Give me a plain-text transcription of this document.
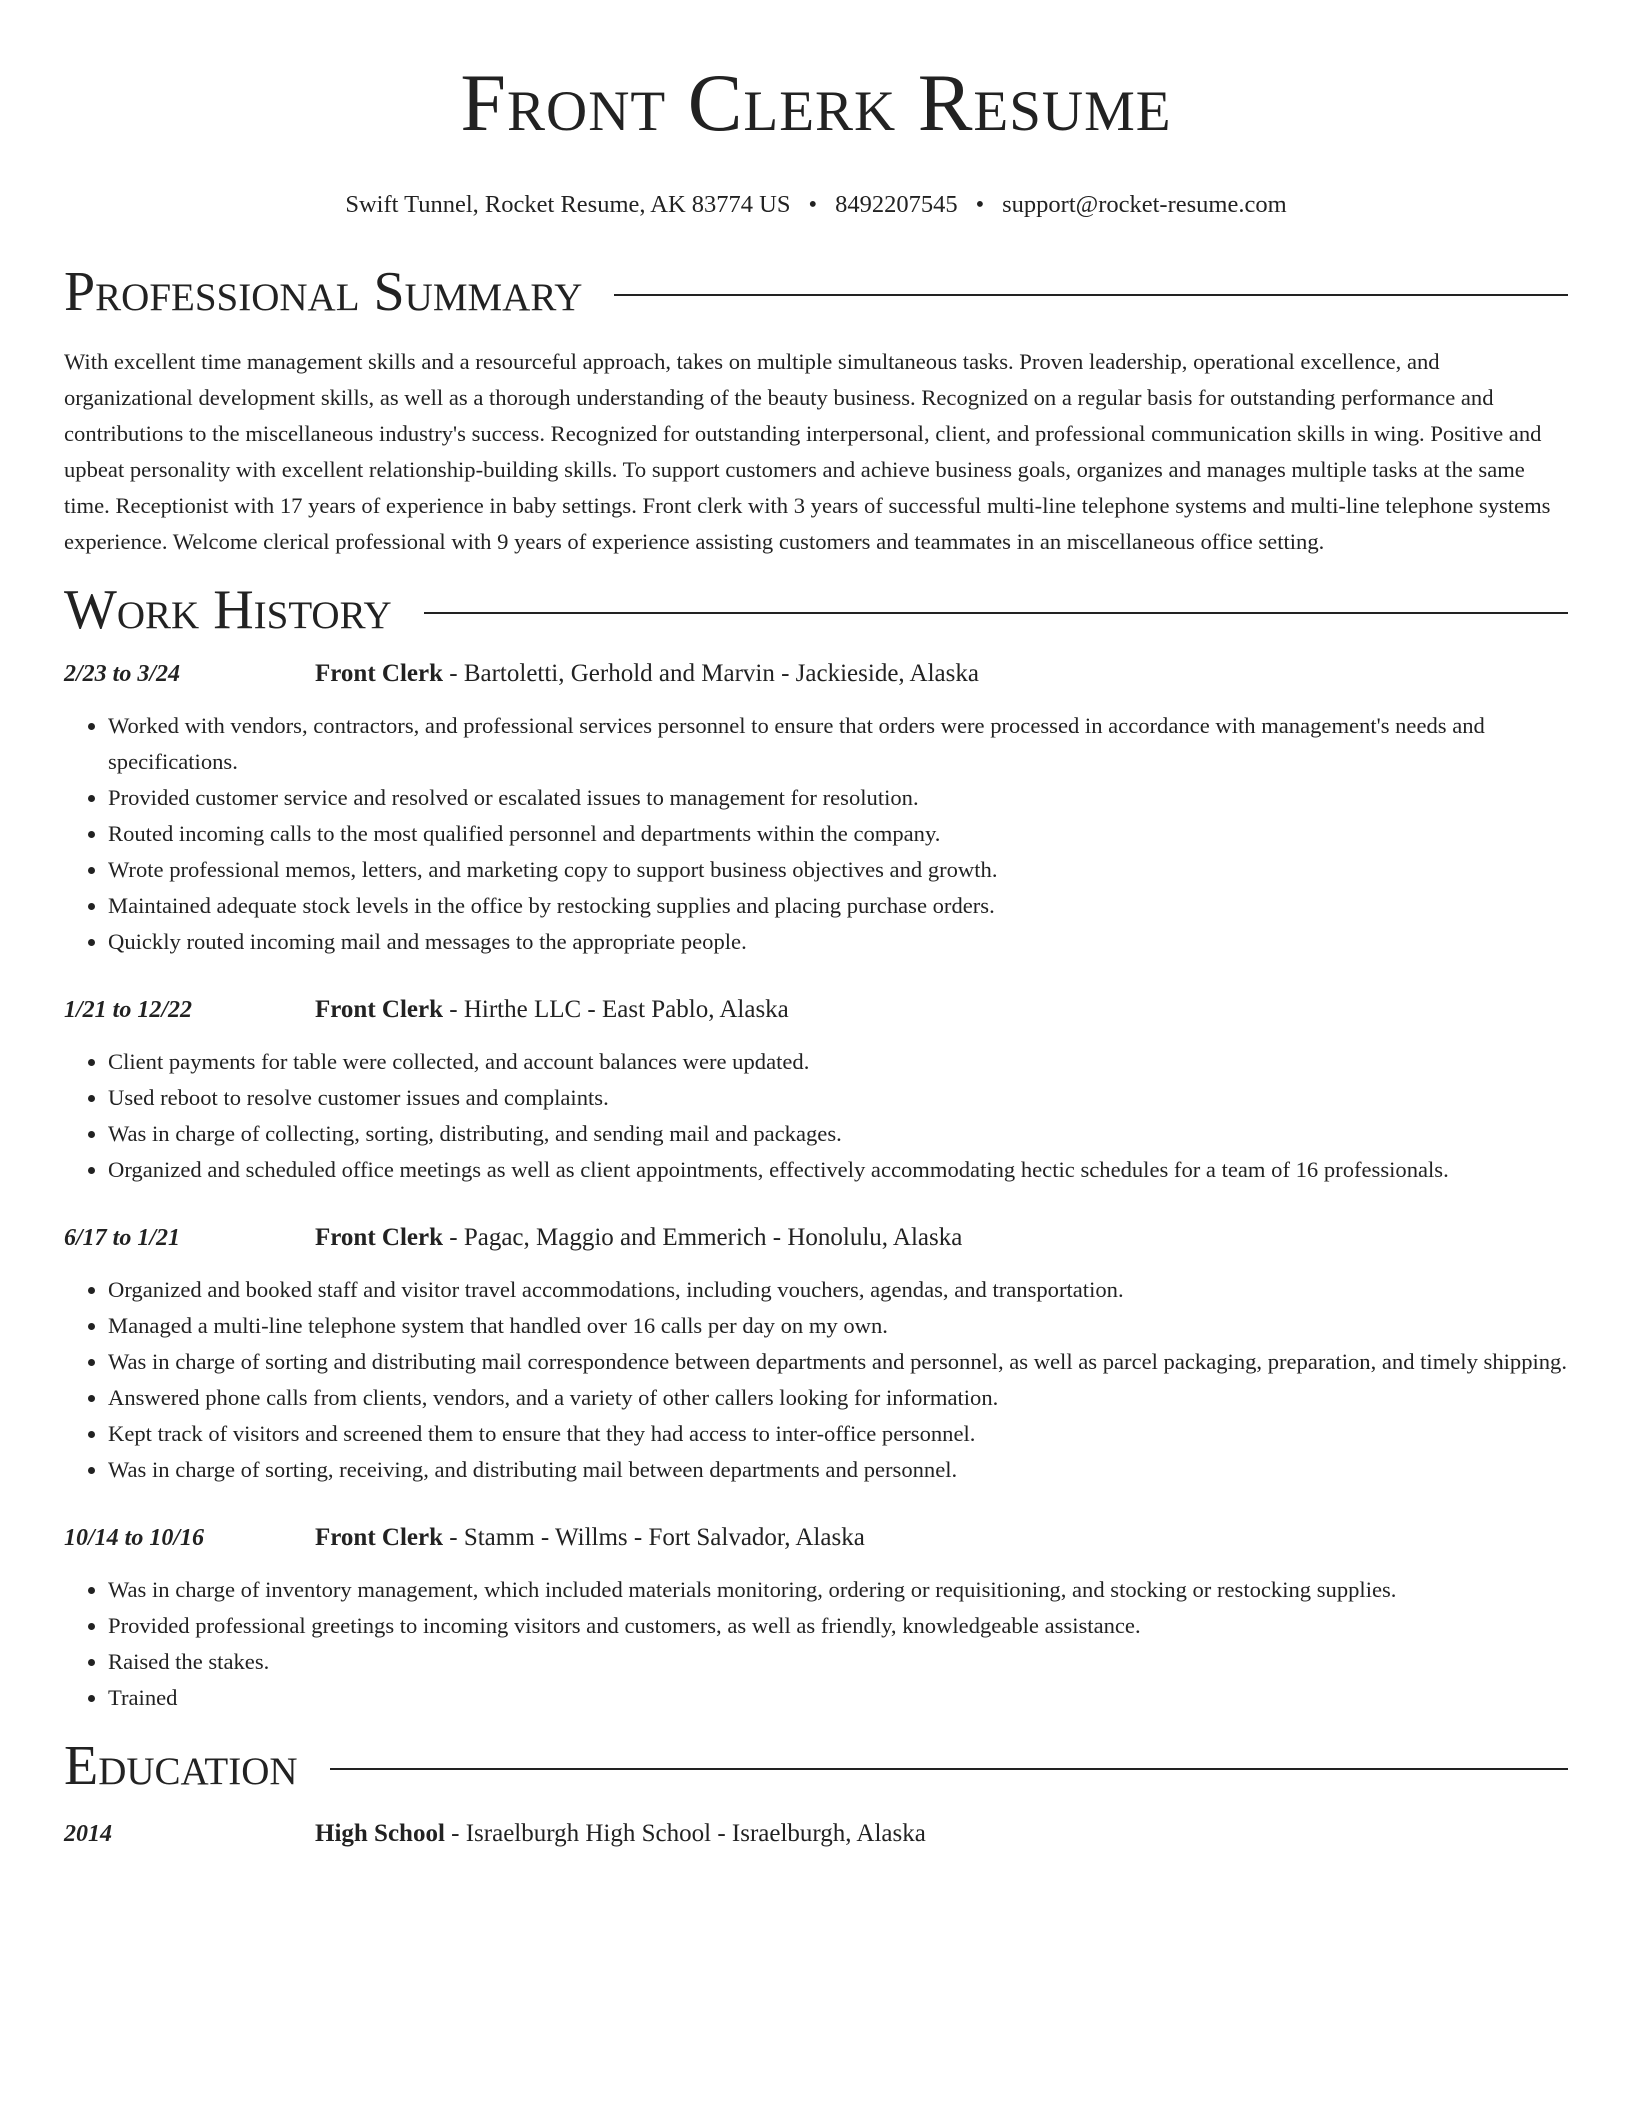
Front Clerk Resume
Swift Tunnel, Rocket Resume, AK 83774 US • 8492207545 • support@rocket-resume.com
Professional Summary

With excellent time management skills and a resourceful approach, takes on multiple simultaneous tasks. Proven leadership, operational excellence, and organizational development skills, as well as a thorough understanding of the beauty business. Recognized on a regular basis for outstanding performance and contributions to the miscellaneous industry's success. Recognized for outstanding interpersonal, client, and professional communication skills in wing. Positive and upbeat personality with excellent relationship-building skills. To support customers and achieve business goals, organizes and manages multiple tasks at the same time. Receptionist with 17 years of experience in baby settings. Front clerk with 3 years of successful multi-line telephone systems and multi-line telephone systems experience. Welcome clerical professional with 9 years of experience assisting customers and teammates in an miscellaneous office setting.

Work History
2/23 to 3/24	Front Clerk - Bartoletti, Gerhold and Marvin - Jackieside, Alaska
• Worked with vendors, contractors, and professional services personnel to ensure that orders were processed in accordance with management's needs and specifications.
• Provided customer service and resolved or escalated issues to management for resolution.
• Routed incoming calls to the most qualified personnel and departments within the company.
• Wrote professional memos, letters, and marketing copy to support business objectives and growth.
• Maintained adequate stock levels in the office by restocking supplies and placing purchase orders.
• Quickly routed incoming mail and messages to the appropriate people.
1/21 to 12/22	Front Clerk - Hirthe LLC - East Pablo, Alaska
• Client payments for table were collected, and account balances were updated.
• Used reboot to resolve customer issues and complaints.
• Was in charge of collecting, sorting, distributing, and sending mail and packages.
• Organized and scheduled office meetings as well as client appointments, effectively accommodating hectic schedules for a team of 16 professionals.
6/17 to 1/21	Front Clerk - Pagac, Maggio and Emmerich - Honolulu, Alaska
• Organized and booked staff and visitor travel accommodations, including vouchers, agendas, and transportation.
• Managed a multi-line telephone system that handled over 16 calls per day on my own.
• Was in charge of sorting and distributing mail correspondence between departments and personnel, as well as parcel packaging, preparation, and timely shipping.
• Answered phone calls from clients, vendors, and a variety of other callers looking for information.
• Kept track of visitors and screened them to ensure that they had access to inter-office personnel.
• Was in charge of sorting, receiving, and distributing mail between departments and personnel.
10/14 to 10/16	Front Clerk - Stamm - Willms - Fort Salvador, Alaska
• Was in charge of inventory management, which included materials monitoring, ordering or requisitioning, and stocking or restocking supplies.
• Provided professional greetings to incoming visitors and customers, as well as friendly, knowledgeable assistance.
• Raised the stakes.
• Trained
Education
2014	High School - Israelburgh High School - Israelburgh, Alaska
